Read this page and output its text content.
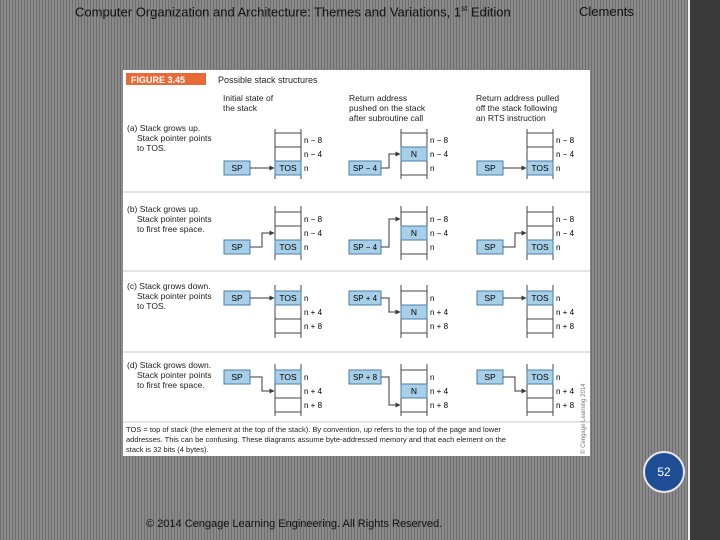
Computer Organization and Architecture: Themes and Variations, 1st Edition	Clements
FIGURE 3.45	Possible stack structures
Initial state of
the stack
Return address
pushed on the stack
after subroutine call
Return address pulled
off the stack following
an RTS instruction
(a) Stack grows up.
Stack pointer points
to TOS.
(b) Stack grows up.
Stack pointer points
to first free space.
(c) Stack grows down.
Stack pointer points
to TOS.
(d) Stack grows down.
Stack pointer points
to first free space.
TOS
n − 8
n − 4
n
SP
N
n − 8
n − 4
n
SP − 4	TOS
n − 8
n − 4
n
SP
TOS
n − 8
n − 4
n
SP
N
n − 8
n − 4
n
SP − 4	TOS
n − 8
n − 4
n
SP
TOS n
n + 4
n + 8
SP
N
n
n + 4
n + 8
SP + 4	TOS n
n + 4
n + 8
SP
TOS n
n + 4
n + 8
SP
N
n
n + 4
n + 8
SP + 8	TOS n
n + 4
n + 8
SP
TOS = top of stack (the element at the top of the stack). By convention, up refers to the top of the page and lower
addresses. This can be confusing. These diagrams assume byte-addressed memory and that each element on the
stack is 32 bits (4 bytes).	© Cengage Learning 2014
52
© 2014 Cengage Learning Engineering. All Rights Reserved.
